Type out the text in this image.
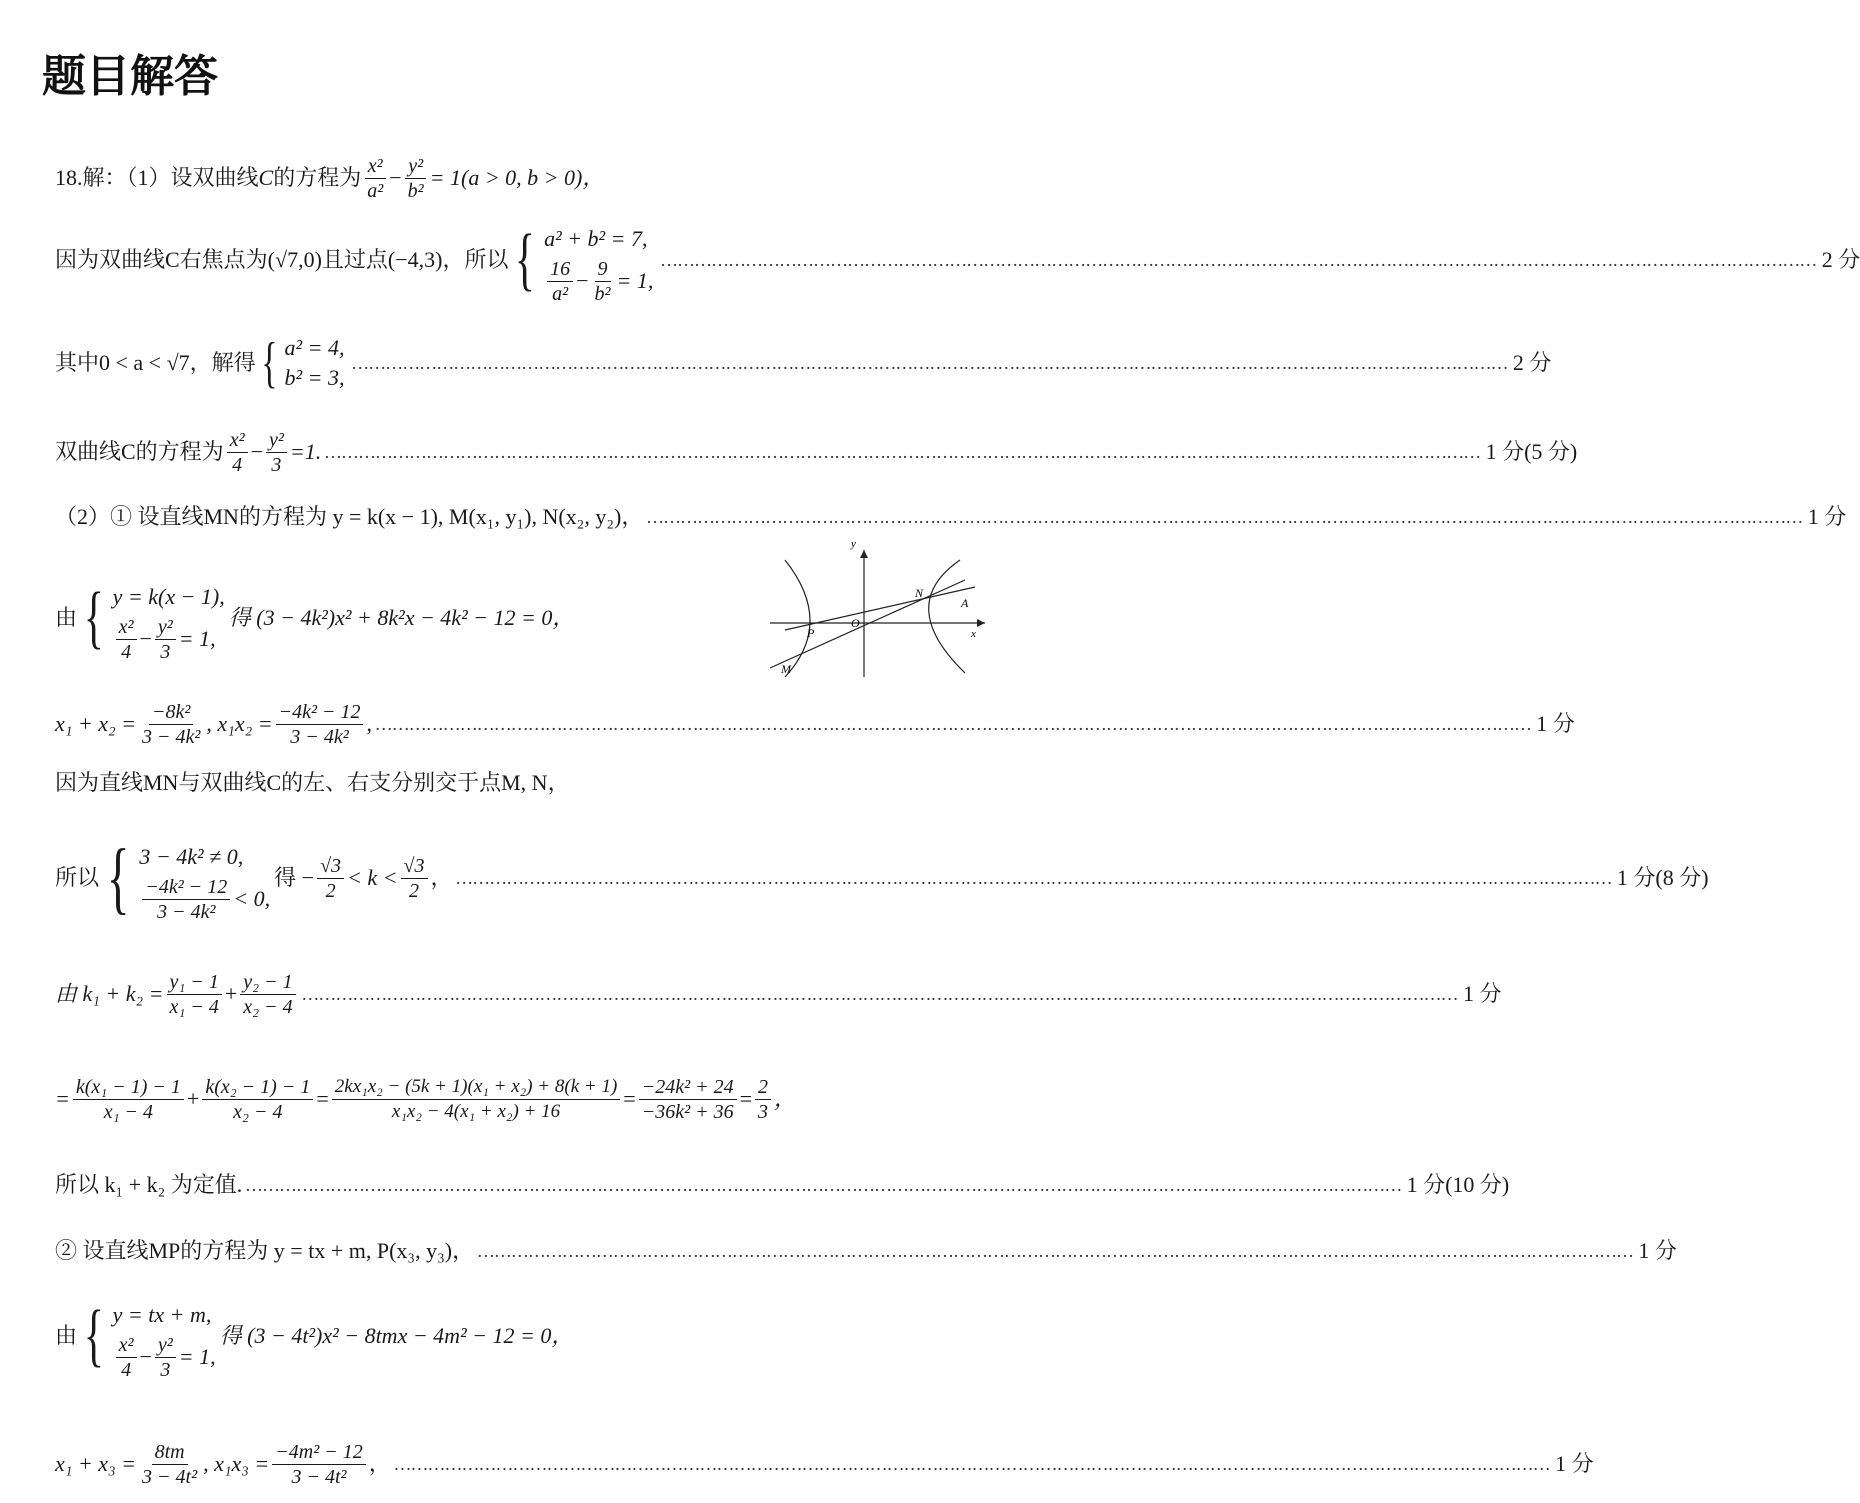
题目解答
18.解：（1）设双曲线 C 的方程为 $\frac{\text{x²}}{\text{a²}} - \frac{\text{y²}}{\text{b²}} = 1(a > 0$, b > 0)，
因为双曲线C右焦点为(√7,0)且过点(−4,3)，所以 { a² + b² = 7,
$\frac{16}{\text{a²}} - \frac{9}{\text{b²}} = 1$,
……………………………………………………………………………………………………………………………………………………………………………………
2 分
其中0 < a < √7，解得 { a² = 4,
b² = 3,
……………………………………………………………………………………………………………………………………………………………………………………
2 分
双曲线C的方程为 $\frac{\text{x²}}{4} - \frac{\text{y²}}{3} =1$. ……………………………………………………………………………………………………………………………………………………………………………………	1 分(5 分)
（2）① 设直线MN的方程为 y = k(x − 1), M(x₁, y₁), N(x₂, y₂)， ……………………………………………………………………………………………………………………………………………………………………………………	1 分
由 { y = k(x − 1),
$\frac{\text{x²}}{4} - \frac{\text{y²}}{3} = 1$,
得 (3 − 4k²)x² + 8k²x − 4k² − 12 = 0，
y
x
O
N
A
P
M
$x_1 + x_2 = \frac{\text{−8k²}}{\text{3 − 4k²}}$ , $x_1x_2 = \frac{\text{−4k² − 12}}{\text{3 − 4k²}}$ , ……………………………………………………………………………………………………………………………………………………………………………………	1 分
因为直线MN与双曲线C的左、右支分别交于点M, N，
所以 { 3 − 4k² ≠ 0,
$\frac{\text{−4k² − 12}}{\text{3 − 4k²}} < 0$,
得 − $\frac{√3}{2} < k < \frac{√3}{2}$ ， ……………………………………………………………………………………………………………………………………………………………………………………	1 分(8 分)
由 $k_1 + k_2 = \frac{\text{y₁ − 1}}{\text{x₁ − 4}} + \frac{\text{y₂ − 1}}{\text{x₂ − 4}}$ ……………………………………………………………………………………………………………………………………………………………………………………	1 分
= $\frac{\text{k(x₁ − 1) − 1}}{\text{x₁ − 4}} + \frac{\text{k(x₂ − 1) − 1}}{\text{x₂ − 4}} = \frac{\text{2kx₁x₂ − (5k + 1)(x₁ + x₂) + 8(k + 1)}}{\text{x₁x₂ − 4(x₁ + x₂) + 16}} = \frac{\text{−24k² + 24}}{\text{−36k² + 36}} = \frac{2}{3}$ ，
所以 k₁ + k₂ 为定值. ……………………………………………………………………………………………………………………………………………………………………………………	1 分(10 分)
② 设直线MP的方程为 y = tx + m, P(x₃, y₃)， ……………………………………………………………………………………………………………………………………………………………………………………	1 分
由 { y = tx + m,
$\frac{\text{x²}}{4} - \frac{\text{y²}}{3} = 1$,
得 (3 − 4t²)x² − 8tmx − 4m² − 12 = 0，
$x_1 + x_3 = \frac{8tm}{\text{3 − 4t²}}$ , $x_1x_3 = \frac{\text{−4m² − 12}}{\text{3 − 4t²}}$ ， ……………………………………………………………………………………………………………………………………………………………………………………	1 分
